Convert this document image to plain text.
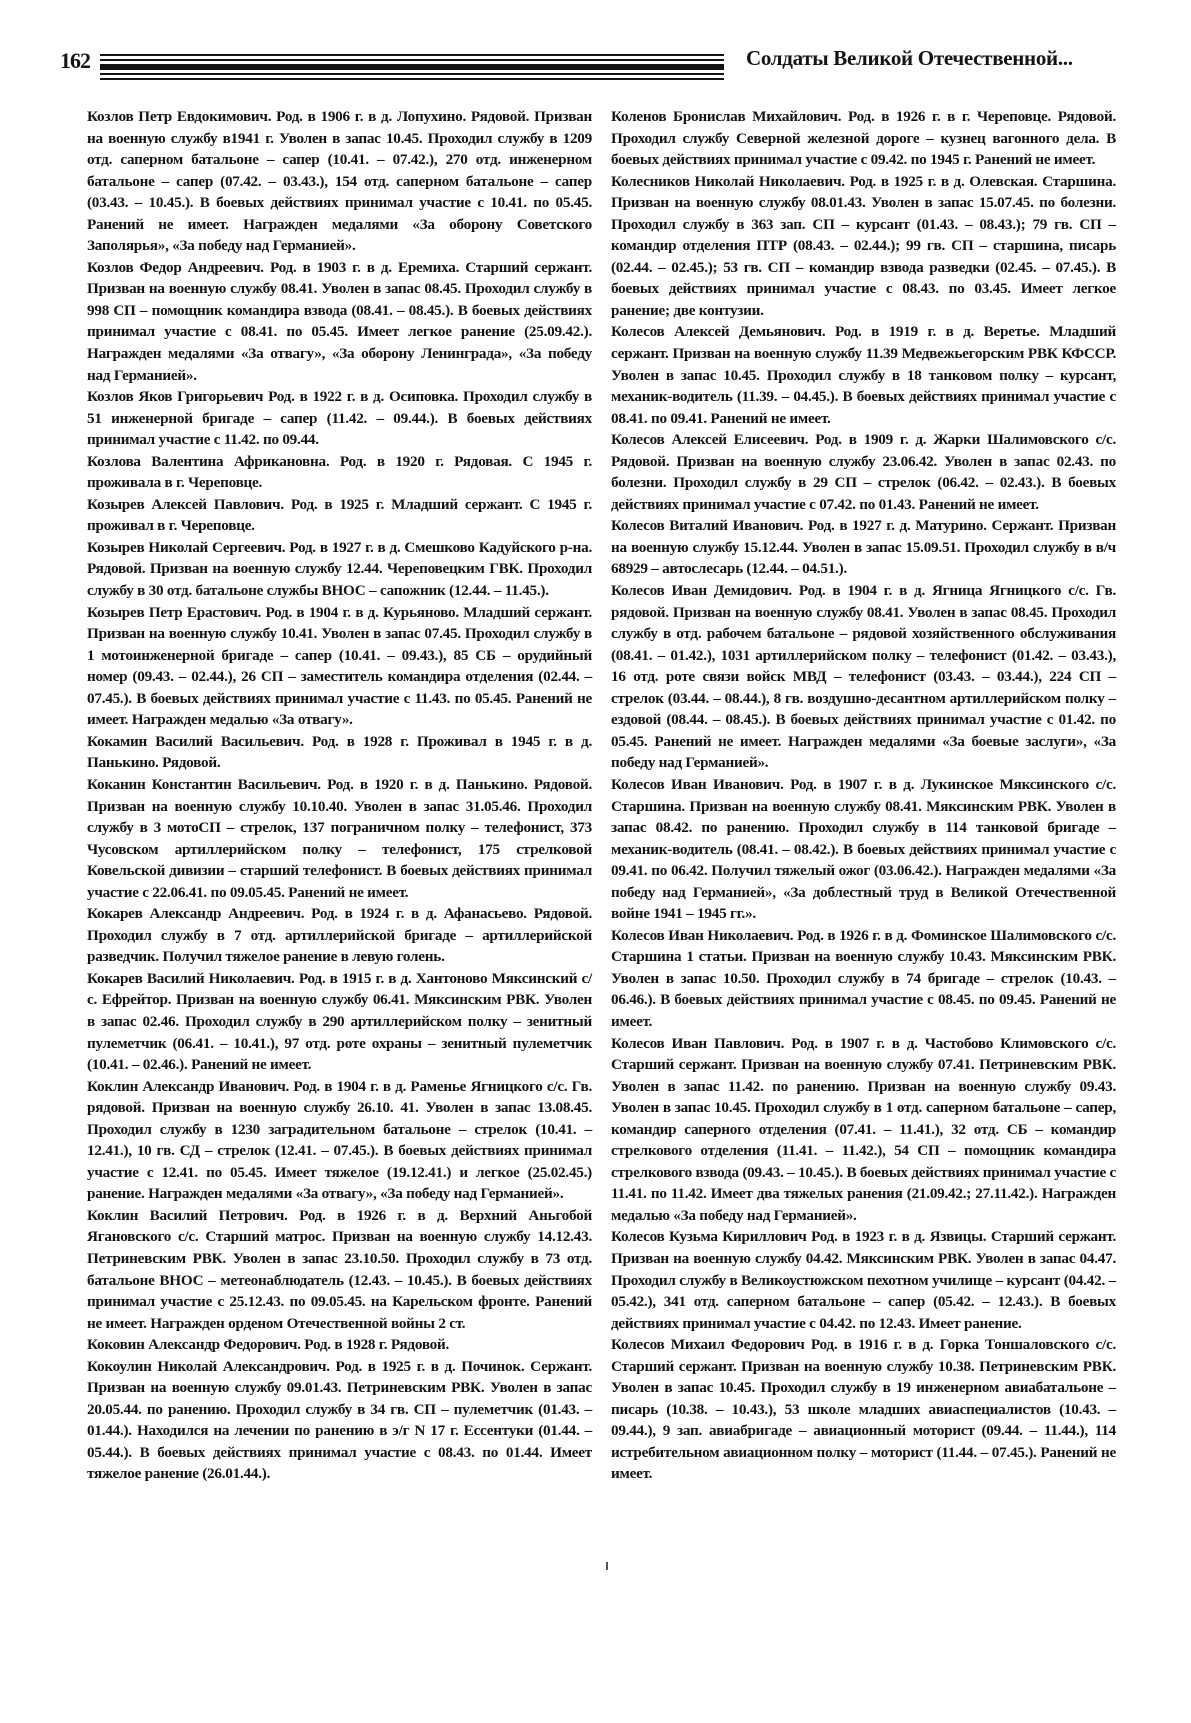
162	Солдаты Великой Отечественной...

Козлов Петр Евдокимович. Род. в 1906 г. в д. Лопухино. Рядовой. Призван на военную службу в1941 г. Уволен в запас 10.45. Проходил службу в 1209 отд. саперном батальоне – сапер (10.41. – 07.42.), 270 отд. инженерном батальоне – сапер (07.42. – 03.43.), 154 отд. саперном батальоне – сапер (03.43. – 10.45.). В боевых действиях принимал участие с 10.41. по 05.45. Ранений не имеет. Награжден медалями «За оборону Советского Заполярья», «За победу над Германией».

Козлов Федор Андреевич. Род. в 1903 г. в д. Еремиха. Старший сержант. Призван на военную службу 08.41. Уволен в запас 08.45. Проходил службу в 998 СП – помощник командира взвода (08.41. – 08.45.). В боевых действиях принимал участие с 08.41. по 05.45. Имеет легкое ранение (25.09.42.). Награжден медалями «За отвагу», «За оборону Ленинграда», «За победу над Германией».

Козлов Яков Григорьевич Род. в 1922 г. в д. Осиповка. Проходил службу в 51 инженерной бригаде – сапер (11.42. – 09.44.). В боевых действиях принимал участие с 11.42. по 09.44.

Козлова Валентина Африкановна. Род. в 1920 г. Рядовая. С 1945 г. проживала в г. Череповце.

Козырев Алексей Павлович. Род. в 1925 г. Младший сержант. С 1945 г. проживал в г. Череповце.

Козырев Николай Сергеевич. Род. в 1927 г. в д. Смешково Кадуйского р-на. Рядовой. Призван на военную службу 12.44. Череповецким ГВК. Проходил службу в 30 отд. батальоне службы ВНОС – сапожник (12.44. – 11.45.).

Козырев Петр Ерастович. Род. в 1904 г. в д. Курьяново. Младший сержант. Призван на военную службу 10.41. Уволен в запас 07.45. Проходил службу в 1 мотоинженерной бригаде – сапер (10.41. – 09.43.), 85 СБ – орудийный номер (09.43. – 02.44.), 26 СП – заместитель командира отделения (02.44. – 07.45.). В боевых действиях принимал участие с 11.43. по 05.45. Ранений не имеет. Награжден медалью «За отвагу».

Кокамин Василий Васильевич. Род. в 1928 г. Проживал в 1945 г. в д. Панькино. Рядовой.

Коканин Константин Васильевич. Род. в 1920 г. в д. Панькино. Рядовой. Призван на военную службу 10.10.40. Уволен в запас 31.05.46. Проходил службу в 3 мотоСП – стрелок, 137 пограничном полку – телефонист, 373 Чусовском артиллерийском полку – телефонист, 175 стрелковой Ковельской дивизии – старший телефонист. В боевых действиях принимал участие с 22.06.41. по 09.05.45. Ранений не имеет.

Кокарев Александр Андреевич. Род. в 1924 г. в д. Афанасьево. Рядовой. Проходил службу в 7 отд. артиллерийской бригаде – артиллерийской разведчик. Получил тяжелое ранение в левую голень.

Кокарев Василий Николаевич. Род. в 1915 г. в д. Хантоново Мяксинский с/с. Ефрейтор. Призван на военную службу 06.41. Мяксинским РВК. Уволен в запас 02.46. Проходил службу в 290 артиллерийском полку – зенитный пулеметчик (06.41. – 10.41.), 97 отд. роте охраны – зенитный пулеметчик (10.41. – 02.46.). Ранений не имеет.

Коклин Александр Иванович. Род. в 1904 г. в д. Раменье Ягницкого с/с. Гв. рядовой. Призван на военную службу 26.10. 41. Уволен в запас 13.08.45. Проходил службу в 1230 заградительном батальоне – стрелок (10.41. – 12.41.), 10 гв. СД – стрелок (12.41. – 07.45.). В боевых действиях принимал участие с 12.41. по 05.45. Имеет тяжелое (19.12.41.) и легкое (25.02.45.) ранение. Награжден медалями «За отвагу», «За победу над Германией».

Коклин Василий Петрович. Род. в 1926 г. в д. Верхний Аньгобой Ягановского с/с. Старший матрос. Призван на военную службу 14.12.43. Петриневским РВК. Уволен в запас 23.10.50. Проходил службу в 73 отд. батальоне ВНОС – метеонаблюдатель (12.43. – 10.45.). В боевых действиях принимал участие с 25.12.43. по 09.05.45. на Карельском фронте. Ранений не имеет. Награжден орденом Отечественной войны 2 ст.

Коковин Александр Федорович. Род. в 1928 г. Рядовой.

Кокоулин Николай Александрович. Род. в 1925 г. в д. Починок. Сержант. Призван на военную службу 09.01.43. Петриневским РВК. Уволен в запас 20.05.44. по ранению. Проходил службу в 34 гв. СП – пулеметчик (01.43. – 01.44.). Находился на лечении по ранению в э/г N 17 г. Ессентуки (01.44. – 05.44.). В боевых действиях принимал участие с 08.43. по 01.44. Имеет тяжелое ранение (26.01.44.).

Коленов Бронислав Михайлович. Род. в 1926 г. в г. Череповце. Рядовой. Проходил службу Северной железной дороге – кузнец вагонного дела. В боевых действиях принимал участие с 09.42. по 1945 г. Ранений не имеет.

Колесников Николай Николаевич. Род. в 1925 г. в д. Олевская. Старшина. Призван на военную службу 08.01.43. Уволен в запас 15.07.45. по болезни. Проходил службу в 363 зап. СП – курсант (01.43. – 08.43.); 79 гв. СП – командир отделения ПТР (08.43. – 02.44.); 99 гв. СП – старшина, писарь (02.44. – 02.45.); 53 гв. СП – командир взвода разведки (02.45. – 07.45.). В боевых действиях принимал участие с 08.43. по 03.45. Имеет легкое ранение; две контузии.

Колесов Алексей Демьянович. Род. в 1919 г. в д. Веретье. Младший сержант. Призван на военную службу 11.39 Медвежьегорским РВК КФССР. Уволен в запас 10.45. Проходил службу в 18 танковом полку – курсант, механик-водитель (11.39. – 04.45.). В боевых действиях принимал участие с 08.41. по 09.41. Ранений не имеет.

Колесов Алексей Елисеевич. Род. в 1909 г. д. Жарки Шалимовского с/с. Рядовой. Призван на военную службу 23.06.42. Уволен в запас 02.43. по болезни. Проходил службу в 29 СП – стрелок (06.42. – 02.43.). В боевых действиях принимал участие с 07.42. по 01.43. Ранений не имеет.

Колесов Виталий Иванович. Род. в 1927 г. д. Матурино. Сержант. Призван на военную службу 15.12.44. Уволен в запас 15.09.51. Проходил службу в в/ч 68929 – автослесарь (12.44. – 04.51.).

Колесов Иван Демидович. Род. в 1904 г. в д. Ягница Ягницкого с/с. Гв. рядовой. Призван на военную службу 08.41. Уволен в запас 08.45. Проходил службу в отд. рабочем батальоне – рядовой хозяйственного обслуживания (08.41. – 01.42.), 1031 артиллерийском полку – телефонист (01.42. – 03.43.), 16 отд. роте связи войск МВД – телефонист (03.43. – 03.44.), 224 СП – стрелок (03.44. – 08.44.), 8 гв. воздушно-десантном артиллерийском полку – ездовой (08.44. – 08.45.). В боевых действиях принимал участие с 01.42. по 05.45. Ранений не имеет. Награжден медалями «За боевые заслуги», «За победу над Германией».

Колесов Иван Иванович. Род. в 1907 г. в д. Лукинское Мяксинского с/с. Старшина. Призван на военную службу 08.41. Мяксинским РВК. Уволен в запас 08.42. по ранению. Проходил службу в 114 танковой бригаде – механик-водитель (08.41. – 08.42.). В боевых действиях принимал участие с 09.41. по 06.42. Получил тяжелый ожог (03.06.42.). Награжден медалями «За победу над Германией», «За доблестный труд в Великой Отечественной войне 1941 – 1945 гг.».

Колесов Иван Николаевич. Род. в 1926 г. в д. Фоминское Шалимовского с/с. Старшина 1 статьи. Призван на военную службу 10.43. Мяксинским РВК. Уволен в запас 10.50. Проходил службу в 74 бригаде – стрелок (10.43. – 06.46.). В боевых действиях принимал участие с 08.45. по 09.45. Ранений не имеет.

Колесов Иван Павлович. Род. в 1907 г. в д. Частобово Климовского с/с. Старший сержант. Призван на военную службу 07.41. Петриневским РВК. Уволен в запас 11.42. по ранению. Призван на военную службу 09.43. Уволен в запас 10.45. Проходил службу в 1 отд. саперном батальоне – сапер, командир саперного отделения (07.41. – 11.41.), 32 отд. СБ – командир стрелкового отделения (11.41. – 11.42.), 54 СП – помощник командира стрелкового взвода (09.43. – 10.45.). В боевых действиях принимал участие с 11.41. по 11.42. Имеет два тяжелых ранения (21.09.42.; 27.11.42.). Награжден медалью «За победу над Германией».

Колесов Кузьма Кириллович Род. в 1923 г. в д. Язвицы. Старший сержант. Призван на военную службу 04.42. Мяксинским РВК. Уволен в запас 04.47. Проходил службу в Великоустюжском пехотном училище – курсант (04.42. – 05.42.), 341 отд. саперном батальоне – сапер (05.42. – 12.43.). В боевых действиях принимал участие с 04.42. по 12.43. Имеет ранение.

Колесов Михаил Федорович Род. в 1916 г. в д. Горка Тоншаловского с/с. Старший сержант. Призван на военную службу 10.38. Петриневским РВК. Уволен в запас 10.45. Проходил службу в 19 инженерном авиабатальоне – писарь (10.38. – 10.43.), 53 школе младших авиаспециалистов (10.43. – 09.44.), 9 зап. авиабригаде – авиационный моторист (09.44. – 11.44.), 114 истребительном авиационном полку – моторист (11.44. – 07.45.). Ранений не имеет.
